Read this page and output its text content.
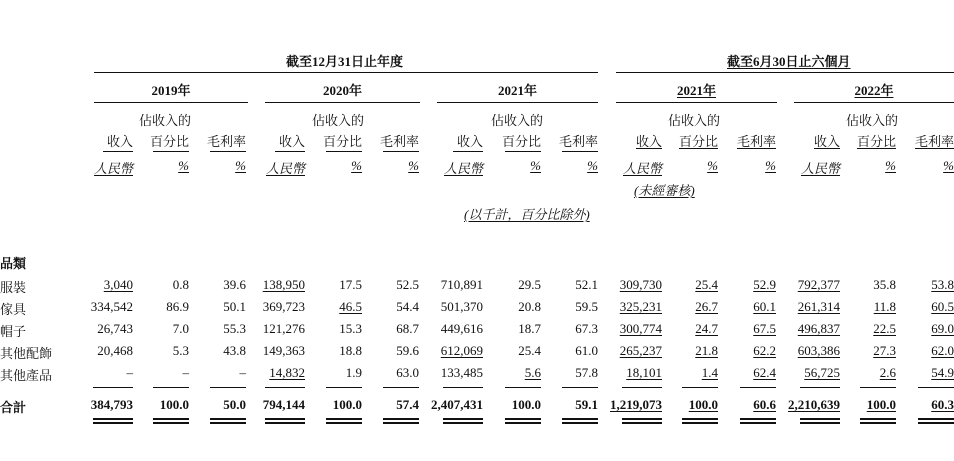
截至12月31日止年度	截至6月30日止六個月
2019年
佔收入的
收入	百分比	毛利率
人民幣	%	%
2020年
佔收入的
收入	百分比	毛利率
人民幣	%	%
2021年
佔收入的
收入	百分比	毛利率
人民幣	%	%
2021年
佔收入的
收入	百分比	毛利率
人民幣	%	%
2022年
佔收入的
收入	百分比	毛利率
人民幣	%	%
(未經審核)
(以千計，百分比除外)
品類
服裝	3,040	0.8	39.6	138,950	17.5	52.5	710,891	29.5	52.1	309,730	25.4	52.9	792,377	35.8	53.8
傢具	334,542	86.9	50.1	369,723	46.5	54.4	501,370	20.8	59.5	325,231	26.7	60.1	261,314	11.8	60.5
帽子	26,743	7.0	55.3	121,276	15.3	68.7	449,616	18.7	67.3	300,774	24.7	67.5	496,837	22.5	69.0
其他配飾	20,468	5.3	43.8	149,363	18.8	59.6	612,069	25.4	61.0	265,237	21.8	62.2	603,386	27.3	62.0
其他產品	–	–	–	14,832	1.9	63.0	133,485	5.6	57.8	18,101	1.4	62.4	56,725	2.6	54.9
合計	384,793	100.0	50.0	794,144	100.0	57.4 2,407,431	100.0	59.1 1,219,073	100.0	60.6 2,210,639	100.0	60.3
